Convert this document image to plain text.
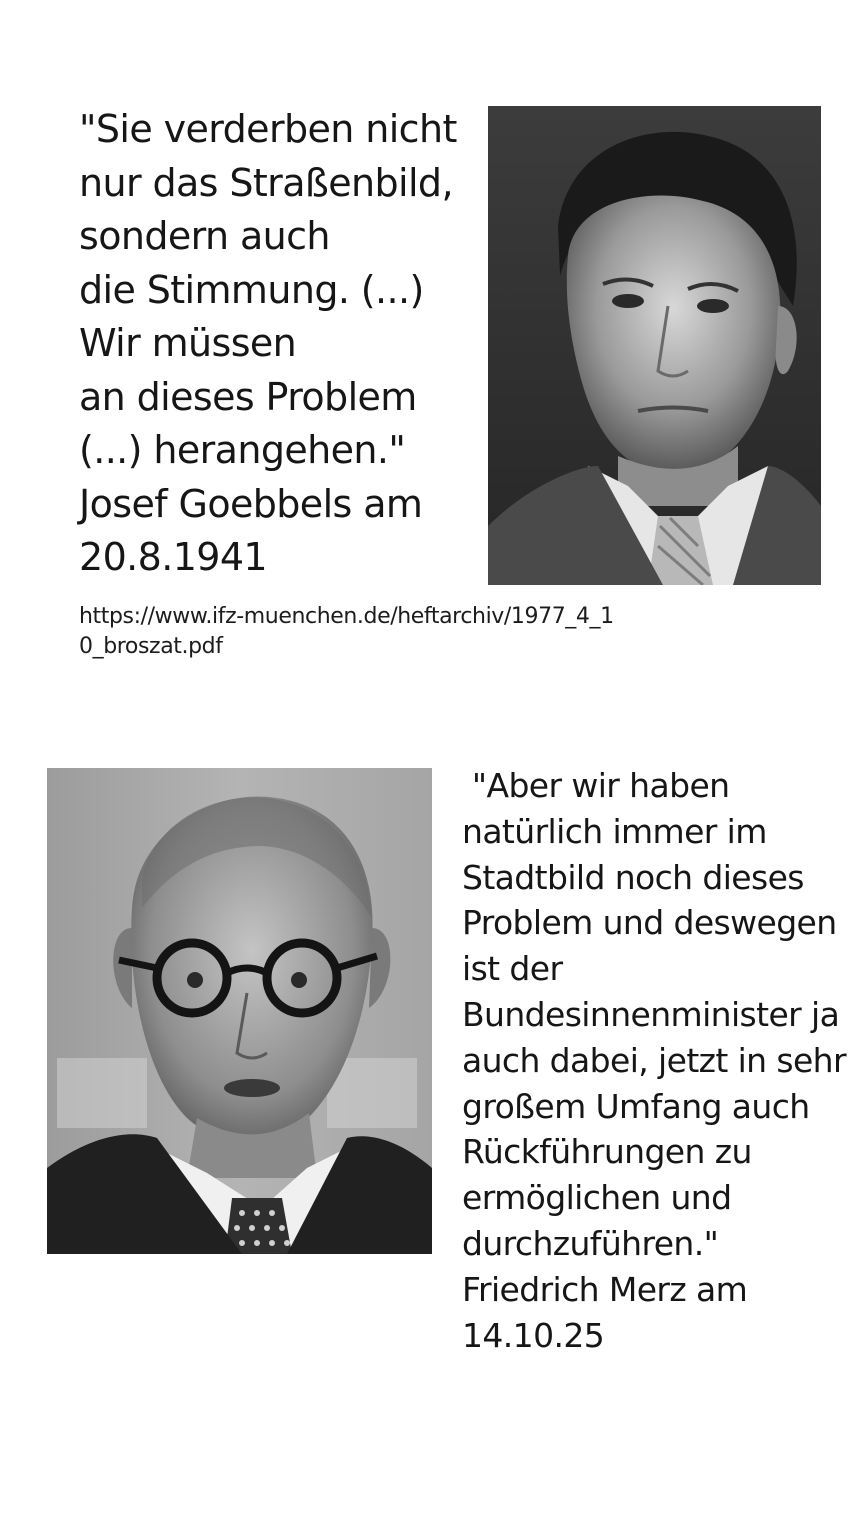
"Sie verderben nicht
nur das Straßenbild,
sondern auch
die Stimmung. (...)
Wir müssen
an dieses Problem
(...) herangehen."
Josef Goebbels am
20.8.1941
https://www.ifz-muenchen.de/heftarchiv/1977_4_1
0_broszat.pdf
"Aber wir haben
natürlich immer im
Stadtbild noch dieses
Problem und deswegen
ist der
Bundesinnenminister ja
auch dabei, jetzt in sehr
großem Umfang auch
Rückführungen zu
ermöglichen und
durchzuführen."
Friedrich Merz am
14.10.25
